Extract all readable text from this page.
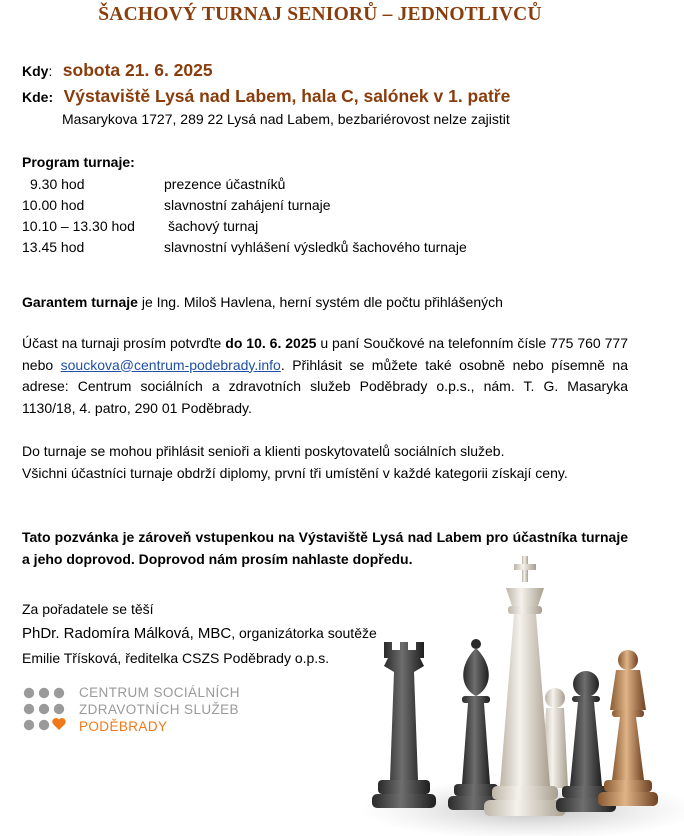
ŠACHOVÝ TURNAJ SENIORŮ – JEDNOTLIVCŮ
Kdy: sobota 21. 6. 2025
Kde: Výstaviště Lysá nad Labem, hala C, salónek v 1. patře
Masarykova 1727, 289 22 Lysá nad Labem, bezbariérovost nelze zajistit
Program turnaje:
9.30 hod	prezence účastníků
10.00 hod	slavnostní zahájení turnaje
10.10 – 13.30 hod šachový turnaj
13.45 hod	slavnostní vyhlášení výsledků šachového turnaje
Garantem turnaje je Ing. Miloš Havlena, herní systém dle počtu přihlášených
Účast na turnaji prosím potvrďte do 10. 6. 2025 u paní Součkové na telefonním čísle 775 760 777 nebo souckova@centrum-podebrady.info. Přihlásit se můžete také osobně nebo písemně na adrese: Centrum sociálních a zdravotních služeb Poděbrady o.p.s., nám. T. G. Masaryka 1130/18, 4. patro, 290 01 Poděbrady.
Do turnaje se mohou přihlásit senioři a klienti poskytovatelů sociálních služeb.
Všichni účastníci turnaje obdrží diplomy, první tři umístění v každé kategorii získají ceny.
Tato pozvánka je zároveň vstupenkou na Výstaviště Lysá nad Labem pro účastníka turnaje a jeho doprovod. Doprovod nám prosím nahlaste dopředu.
Za pořadatele se těší
PhDr. Radomíra Málková, MBC, organizátorka soutěže
Emilie Třísková, ředitelka CSZS Poděbrady o.p.s.
CENTRUM SOCIÁLNÍCH
ZDRAVOTNÍCH SLUŽEB
PODĚBRADY
